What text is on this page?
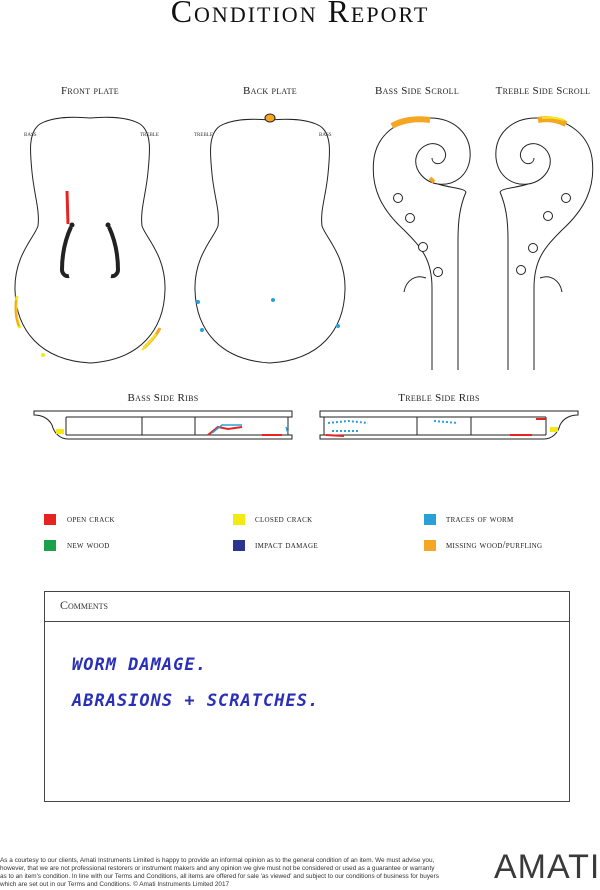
Condition Report
Front plate	Back plate	Bass Side Scroll	Treble Side Scroll
bass	treble	treble	bass
Bass Side Ribs	Treble Side Ribs
open crack	closed crack	traces of worm
new wood	impact damage	missing wood/purfling
Comments
WORM DAMAGE.
ABRASIONS + SCRATCHES.
As a courtesy to our clients, Amati Instruments Limited is happy to provide an informal opinion as to the general condition of an item. We must advise you, however, that we are not professional restorers or instrument makers and any opinion we give must not be considered or used as a guarantee or warranty as to an item's condition. In line with our Terms and Conditions, all items are offered for sale 'as viewed' and subject to our conditions of business for buyers which are set out in our Terms and Conditions. © Amati Instruments Limited 2017	AMATI
